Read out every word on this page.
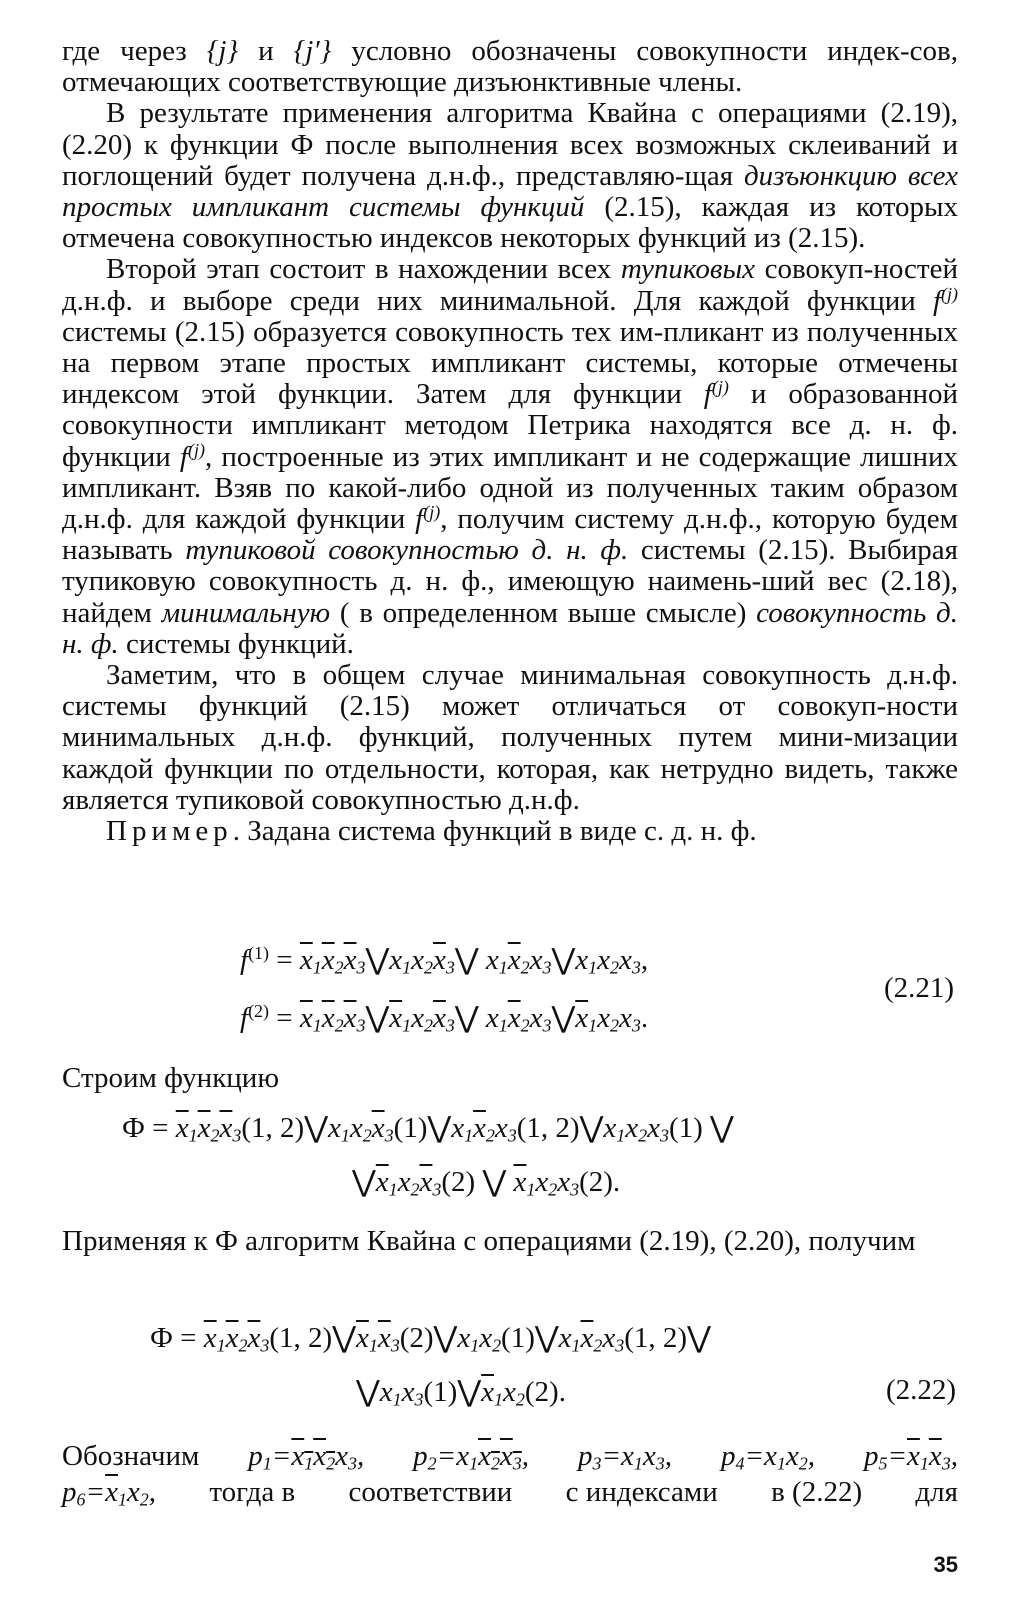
где через {j} и {j′} условно обозначены совокупности индек-сов, отмечающих соответствующие дизъюнктивные члены.

В результате применения алгоритма Квайна с операциями (2.19), (2.20) к функции Ф после выполнения всех возможных склеиваний и поглощений будет получена д.н.ф., представляю-щая дизъюнкцию всех простых импликант системы функций (2.15), каждая из которых отмечена совокупностью индексов некоторых функций из (2.15).

Второй этап состоит в нахождении всех тупиковых совокуп-ностей д.н.ф. и выборе среди них минимальной. Для каждой функции $f^{(j)}$ системы (2.15) образуется совокупность тех им-пликант из полученных на первом этапе простых импликант системы, которые отмечены индексом этой функции. Затем для функции $f^{(j)}$ и образованной совокупности импликант методом Петрика находятся все д. н. ф. функции $f^{(j)}$, построенные из этих импликант и не содержащие лишних импликант. Взяв по какой-либо одной из полученных таким образом д.н.ф. для каждой функции $f^{(j)}$, получим систему д.н.ф., которую будем называть тупиковой совокупностью д. н. ф. системы (2.15). Выбирая тупиковую совокупность д. н. ф., имеющую наимень-ший вес (2.18), найдем минимальную ( в определенном выше смысле) совокупность д. н. ф. системы функций.

Заметим, что в общем случае минимальная совокупность д.н.ф. системы функций (2.15) может отличаться от совокуп-ности минимальных д.н.ф. функций, полученных путем мини-мизации каждой функции по отдельности, которая, как нетрудно видеть, также является тупиковой совокупностью д.н.ф.

Пример. Задана система функций в виде с. д. н. ф.

$f^{(1)}$ = $\overline{x}_1\overline{x}_2\overline{x}_3⋁x_1x_2\overline{x}_3⋁$ $x_1\overline{x}_2x_3⋁x_1x_2x_3$,
$f^{(2)}$ = $\overline{x}_1\overline{x}_2\overline{x}_3⋁\overline{x}_1x_2\overline{x}_3⋁$ $x_1\overline{x}_2x_3⋁\overline{x}_1x_2x_3$.
(2.21)
Строим функцию
$Ф = \overline{x}_1\overline{x}_2\overline{x}_3(1$, $2)⋁x_1x_2\overline{x}_3(1)⋁x_1\overline{x}_2x_3(1$, $2)⋁x_1x_2x_3(1)$ ⋁
$⋁\overline{x}_1x_2\overline{x}_3(2)$ ⋁ $\overline{x}_1x_2x_3(2)$.
Применяя к Ф алгоритм Квайна с операциями (2.19), (2.20), получим
$Ф = \overline{x}_1\overline{x}_2\overline{x}_3(1$, $2)⋁\overline{x}_1\overline{x}_3(2)⋁x_1x_2(1)⋁x_1\overline{x}_2x_3(1$, 2)⋁
$⋁x_1x_3(1)⋁\overline{x}_1x_2(2)$.	(2.22)
Обозначим $p_1=x_1x_2x_3$, $p_2=x_1x_2x_3$, $p_3=x_1x_3$, $p_4=x_1x_2$, $p_5=\overline{x}_1\overline{x}_3$,
$p_6=\overline{x}_1x_2$, тогда в соответствии с индексами в (2.22) для
35
